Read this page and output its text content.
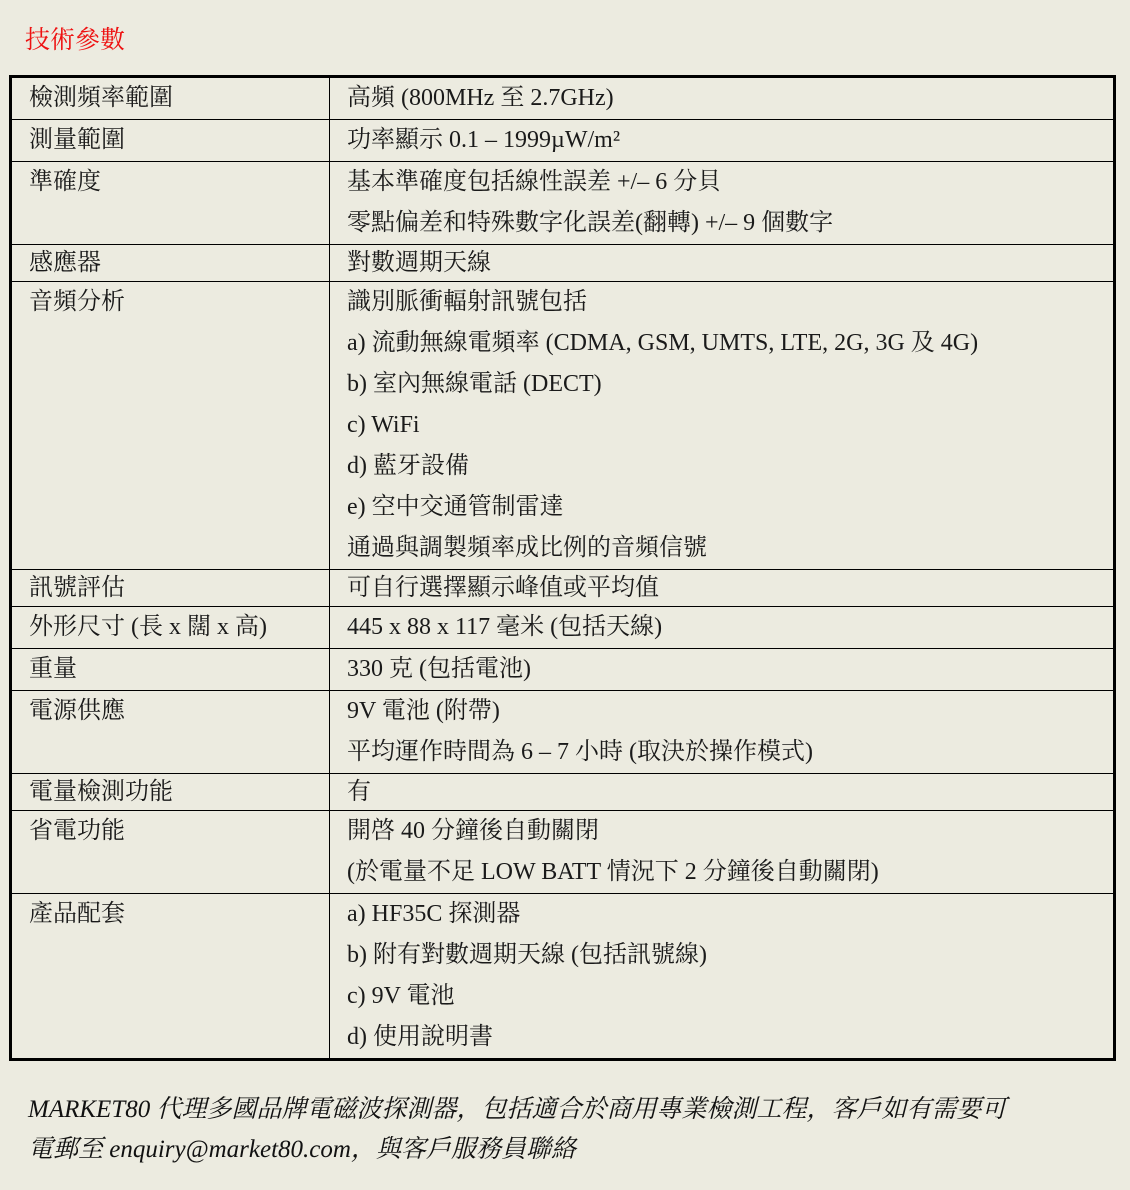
技術參數
檢測頻率範圍	高頻 (800MHz 至 2.7GHz)

測量範圍	功率顯示 0.1 – 1999µW/m²

準確度	基本準確度包括線性誤差 +/– 6 分貝
零點偏差和特殊數字化誤差(翻轉) +/– 9 個數字

感應器	對數週期天線

音頻分析	識別脈衝輻射訊號包括
a) 流動無線電頻率 (CDMA, GSM, UMTS, LTE, 2G, 3G 及 4G)
b) 室內無線電話 (DECT)
c) WiFi
d) 藍牙設備
e) 空中交通管制雷達
通過與調製頻率成比例的音頻信號

訊號評估	可自行選擇顯示峰值或平均值

外形尺寸 (長 x 闊 x 高)	445 x 88 x 117 毫米 (包括天線)

重量	330 克 (包括電池)

電源供應	9V 電池 (附帶)
平均運作時間為 6 – 7 小時 (取決於操作模式)

電量檢測功能	有

省電功能	開啓 40 分鐘後自動關閉
(於電量不足 LOW BATT 情況下 2 分鐘後自動關閉)

產品配套	a) HF35C 探測器
b) 附有對數週期天線 (包括訊號線)
c) 9V 電池
d) 使用說明書
MARKET80 代理多國品牌電磁波探測器，包括適合於商用專業檢測工程，客戶如有需要可
電郵至 enquiry@market80.com，與客戶服務員聯絡
